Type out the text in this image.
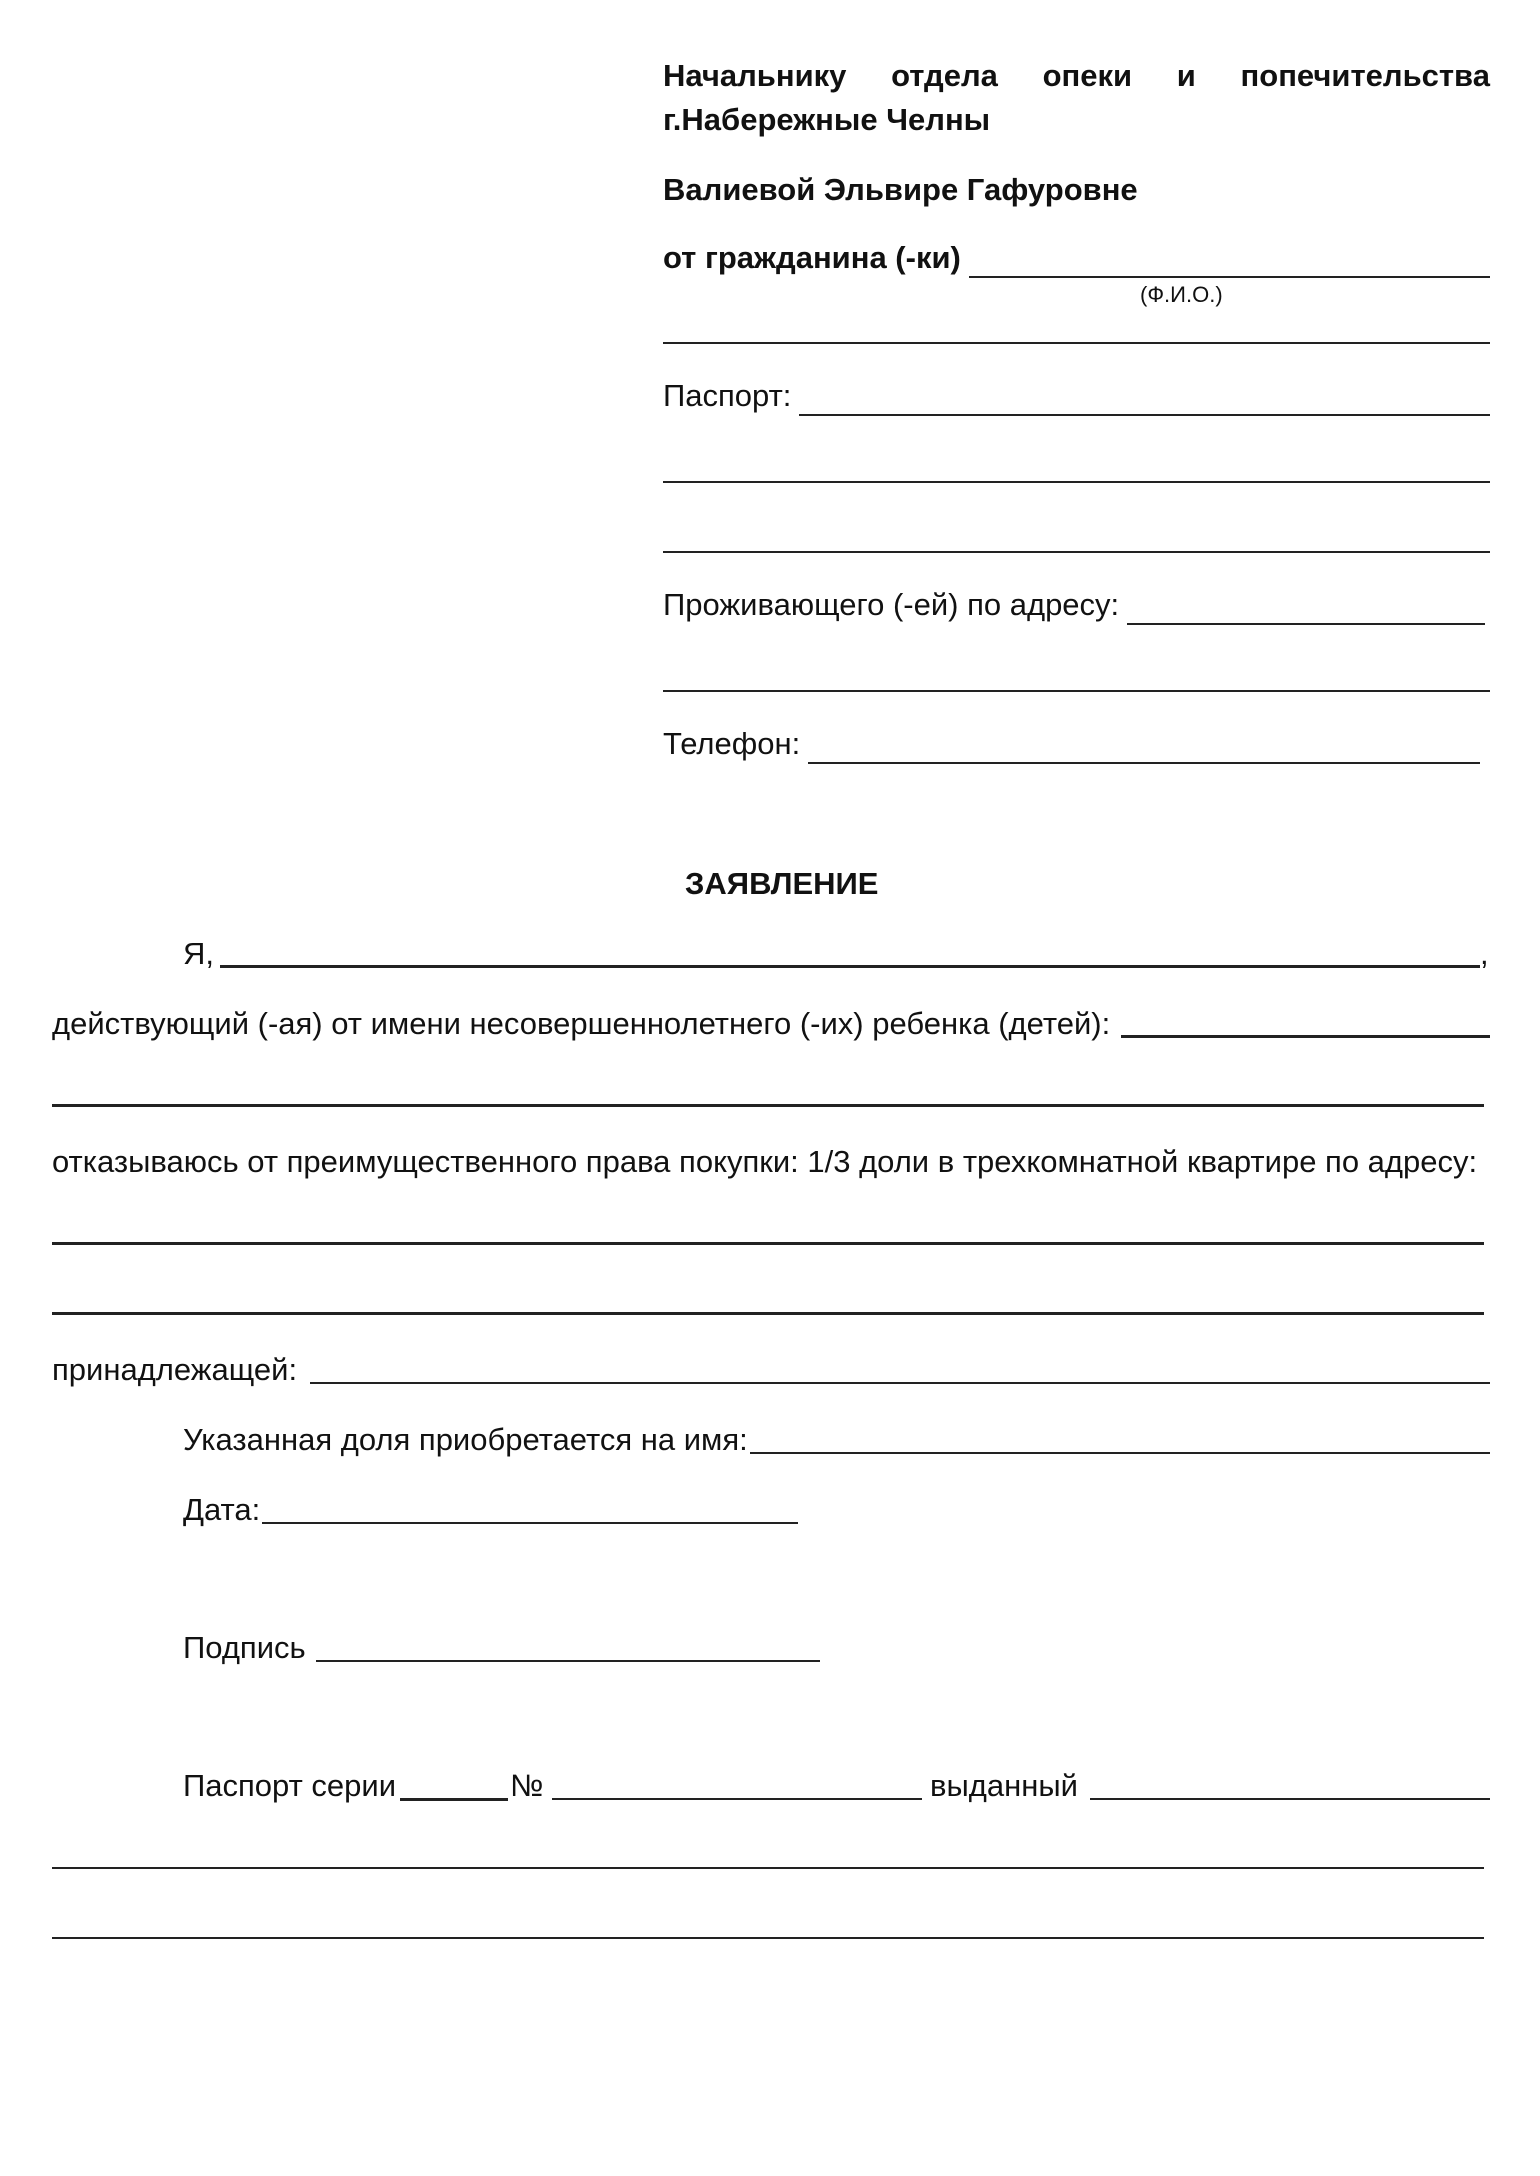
Начальнику отдела опеки и попечительства
г.Набережные Челны
Валиевой Эльвире Гафуровне
от гражданина (-ки)
(Ф.И.О.)
Паспорт:
Проживающего (-ей) по адресу:
Телефон:
ЗАЯВЛЕНИЕ
Я,	,
действующий (-ая) от имени несовершеннолетнего (-их) ребенка (детей):
отказываюсь от преимущественного права покупки: 1/3 доли в трехкомнатной квартире по адресу:
принадлежащей:
Указанная доля приобретается на имя:
Дата:
Подпись
Паспорт серии	№	выданный
